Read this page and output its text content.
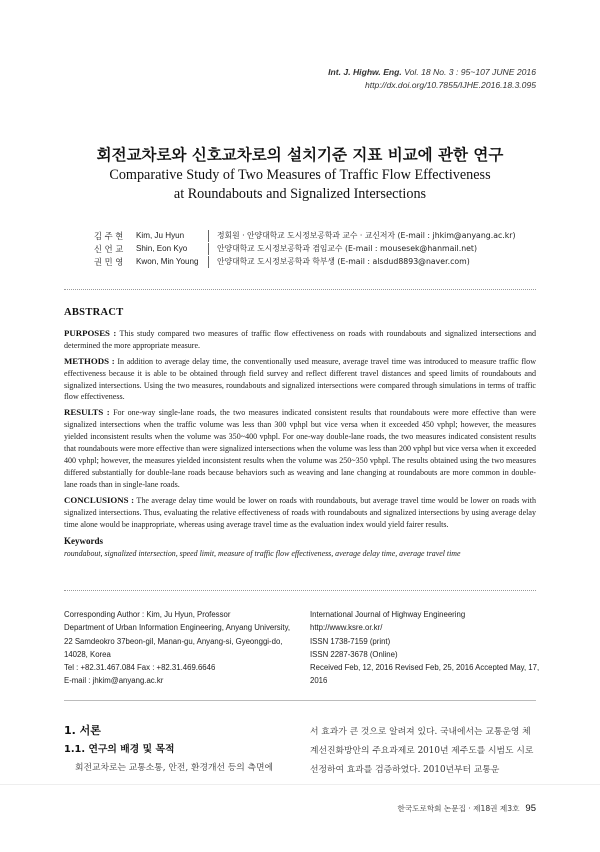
Int. J. Highw. Eng. Vol. 18 No. 3 : 95~107 JUNE 2016
http://dx.doi.org/10.7855/IJHE.2016.18.3.095
회전교차로와 신호교차로의 설치기준 지표 비교에 관한 연구
Comparative Study of Two Measures of Traffic Flow Effectiveness
at Roundabouts and Signalized Intersections
김 주 현	Kim, Ju Hyun	정회원 · 안양대학교 도시정보공학과 교수 · 교신저자 (E-mail : jhkim@anyang.ac.kr)
신 언 교	Shin, Eon Kyo	안양대학교 도시정보공학과 겸임교수 (E-mail : mousesek@hanmail.net)
권 민 영	Kwon, Min Young	안양대학교 도시정보공학과 학부생 (E-mail : alsdud8893@naver.com)
ABSTRACT

PURPOSES : This study compared two measures of traffic flow effectiveness on roads with roundabouts and signalized intersections and determined the more appropriate measure.

METHODS : In addition to average delay time, the conventionally used measure, average travel time was introduced to measure traffic flow effectiveness because it is able to be obtained through field survey and reflect different travel distances and speed limits of roundabouts and signalized intersections. Using the two measures, roundabouts and signalized intersections were compared through simulations in terms of traffic flow effectiveness.

RESULTS : For one-way single-lane roads, the two measures indicated consistent results that roundabouts were more effective than were signalized intersections when the traffic volume was less than 300 vphpl but vice versa when it exceeded 450 vphpl; however, the measures yielded inconsistent results when the volume was 350~400 vphpl. For one-way double-lane roads, the two measures indicated consistent results that roundabouts were more effective than were signalized intersections when the volume was less than 200 vphpl but vice versa when it exceeded 400 vphpl; however, the measures yielded inconsistent results when the volume was 250~350 vphpl. The results obtained using the two measures differed substantially for double-lane roads because behaviors such as weaving and lane changing at roundabouts are more common in double-lane roads than in single-lane roads.

CONCLUSIONS : The average delay time would be lower on roads with roundabouts, but average travel time would be lower on roads with signalized intersections. Thus, evaluating the relative effectiveness of roads with roundabouts and signalized intersections by using average delay time alone would be inappropriate, whereas using average travel time as the evaluation index would yield fairer results.

Keywords
roundabout, signalized intersection, speed limit, measure of traffic flow effectiveness, average delay time, average travel time
Corresponding Author : Kim, Ju Hyun, Professor
Department of Urban Information Engineering, Anyang University,
22 Samdeokro 37beon-gil, Manan-gu, Anyang-si, Gyeonggi-do,
14028, Korea
Tel : +82.31.467.084 Fax : +82.31.469.6646
E-mail : jhkim@anyang.ac.kr
International Journal of Highway Engineering
http://www.ksre.or.kr/
ISSN 1738-7159 (print)
ISSN 2287-3678 (Online)
Received Feb, 12, 2016 Revised Feb, 25, 2016 Accepted May, 17, 2016
1. 서론
1.1. 연구의 배경 및 목적
회전교차로는 교통소통, 안전, 환경개선 등의 측면에
서 효과가 큰 것으로 알려져 있다. 국내에서는 교통운영 체계선진화방안의 주요과제로 2010년 제주도를 시범도 시로 선정하여 효과를 검증하였다. 2010년부터 교통운
한국도로학회 논문집 · 제18권 제3호 95
